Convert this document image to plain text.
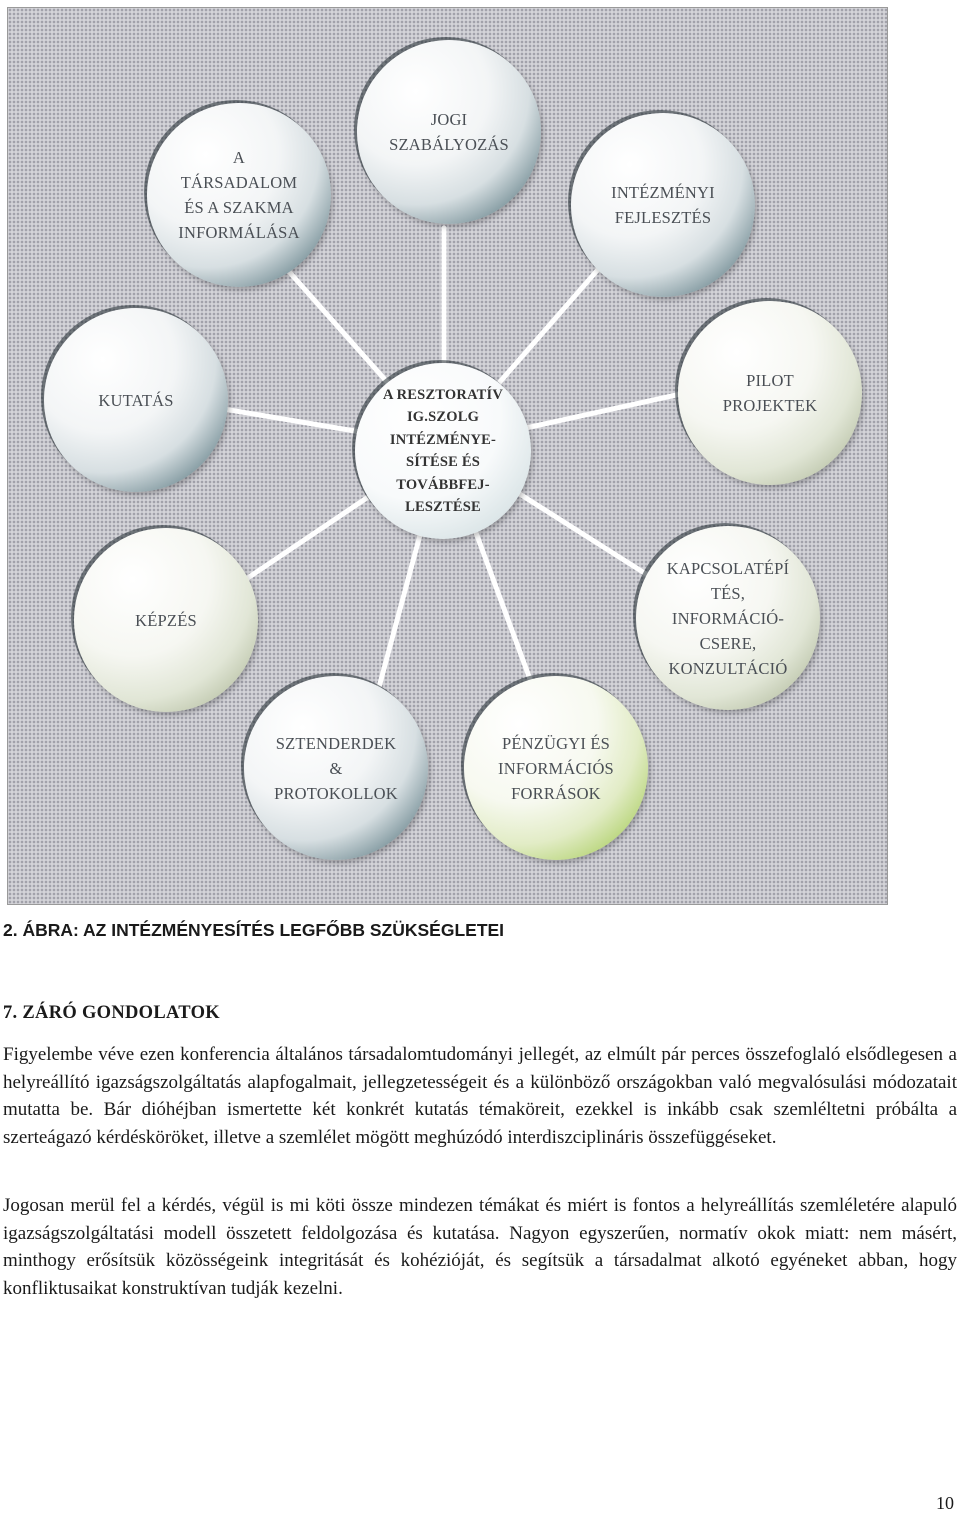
JOGI
SZABÁLYOZÁS
INTÉZMÉNYI
FEJLESZTÉS
PILOT
PROJEKTEK
KAPCSOLATÉPÍ
TÉS,
INFORMÁCIÓ-
CSERE,
KONZULTÁCIÓ
PÉNZÜGYI ÉS
INFORMÁCIÓS
FORRÁSOK
SZTENDERDEK
&
PROTOKOLLOK
KÉPZÉS
KUTATÁS
A
TÁRSADALOM
ÉS A SZAKMA
INFORMÁLÁSA
A RESZTORATÍV
IG.SZOLG
INTÉZMÉNYE-
SÍTÉSE ÉS
TOVÁBBFEJ-
LESZTÉSE

2. ÁBRA: AZ INTÉZMÉNYESÍTÉS LEGFŐBB SZÜKSÉGLETEI

7. ZÁRÓ GONDOLATOK

Figyelembe véve ezen konferencia általános társadalomtudományi jellegét, az elmúlt pár perces összefoglaló elsődlegesen a helyreállító igazságszolgáltatás alapfogalmait, jellegzetességeit és a különböző országokban való megvalósulási módozatait mutatta be. Bár dióhéjban ismertette két konkrét kutatás témaköreit, ezekkel is inkább csak szemléltetni próbálta a szerteágazó kérdésköröket, illetve a szemlélet mögött meghúzódó interdiszciplináris összefüggéseket.

Jogosan merül fel a kérdés, végül is mi köti össze mindezen témákat és miért is fontos a helyreállítás szemléletére alapuló igazságszolgáltatási modell összetett feldolgozása és kutatása. Nagyon egyszerűen, normatív okok miatt: nem másért, minthogy erősítsük közösségeink integritását és kohézióját, és segítsük a társadalmat alkotó egyéneket abban, hogy konfliktusaikat konstruktívan tudják kezelni.

10
